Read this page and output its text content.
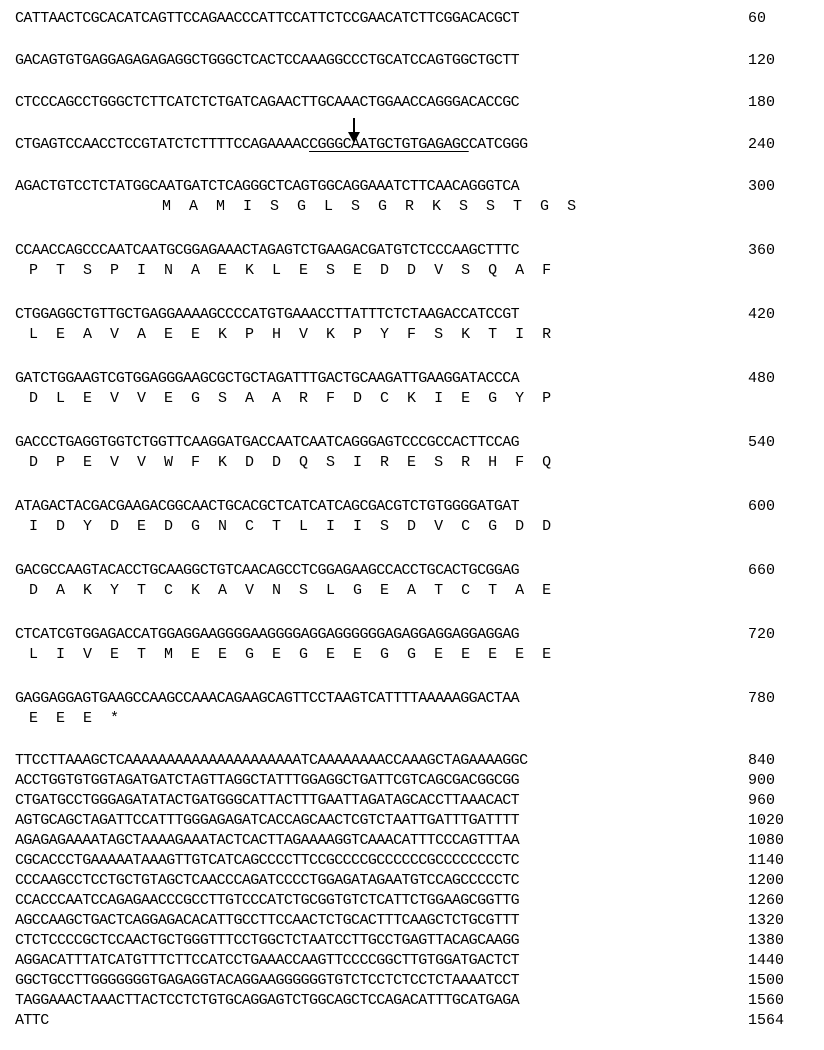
CATTAACTCGCACATCAGTTCCAGAACCCATTCCATTCTCCGAACATCTTCGGACACGCT	60
GACAGTGTGAGGAGAGAGAGGCTGGGCTCACTCCAAAGGCCCTGCATCCAGTGGCTGCTT	120
CTCCCAGCCTGGGCTCTTCATCTCTGATCAGAACTTGCAAACTGGAACCAGGGACACCGC	180
CTGAGTCCAACCTCCGTATCTCTTTTCCAGAAAACCGGGCAATGCTGTGAGAGCCATCGGG	240
AGACTGTCCTCTATGGCAATGATCTCAGGGCTCAGTGGCAGGAAATCTTCAACAGGGTCA	300
M  A  M  I  S  G  L  S  G  R  K  S  S  T  G  S
CCAACCAGCCCAATCAATGCGGAGAAACTAGAGTCTGAAGACGATGTCTCCCAAGCTTTC	360
P  T  S  P  I  N  A  E  K  L  E  S  E  D  D  V  S  Q  A  F
CTGGAGGCTGTTGCTGAGGAAAAGCCCCATGTGAAACCTTATTTCTCTAAGACCATCCGT	420
L  E  A  V  A  E  E  K  P  H  V  K  P  Y  F  S  K  T  I  R
GATCTGGAAGTCGTGGAGGGAAGCGCTGCTAGATTTGACTGCAAGATTGAAGGATACCCA	480
D  L  E  V  V  E  G  S  A  A  R  F  D  C  K  I  E  G  Y  P
GACCCTGAGGTGGTCTGGTTCAAGGATGACCAATCAATCAGGGAGTCCCGCCACTTCCAG	540
D  P  E  V  V  W  F  K  D  D  Q  S  I  R  E  S  R  H  F  Q
ATAGACTACGACGAAGACGGCAACTGCACGCTCATCATCAGCGACGTCTGTGGGGATGAT	600
I  D  Y  D  E  D  G  N  C  T  L  I  I  S  D  V  C  G  D  D
GACGCCAAGTACACCTGCAAGGCTGTCAACAGCCTCGGAGAAGCCACCTGCACTGCGGAG	660
D  A  K  Y  T  C  K  A  V  N  S  L  G  E  A  T  C  T  A  E
CTCATCGTGGAGACCATGGAGGAAGGGGAAGGGGAGGAGGGGGGAGAGGAGGAGGAGGAG	720
L  I  V  E  T  M  E  E  G  E  G  E  E  G  G  E  E  E  E  E
GAGGAGGAGTGAAGCCAAGCCAAACAGAAGCAGTTCCTAAGTCATTTTAAAAAGGACTAA	780
E  E  E  *
TTCCTTAAAGCTCAAAAAAAAAAAAAAAAAAAAATCAAAAAAAACCAAAGCTAGAAAAGGC	840
ACCTGGTGTGGTAGATGATCTAGTTAGGCTATTTGGAGGCTGATTCGTCAGCGACGGCGG	900
CTGATGCCTGGGAGATATACTGATGGGCATTACTTTGAATTAGATAGCACCTTAAACACT	960
AGTGCAGCTAGATTCCATTTGGGAGAGATCACCAGCAACTCGTCTAATTGATTTGATTTT	1020
AGAGAGAAAATAGCTAAAAGAAATACTCACTTAGAAAAGGTCAAACATTTCCCAGTTTAA	1080
CGCACCCTGAAAAATAAAGTTGTCATCAGCCCCTTCCGCCCCGCCCCCCGCCCCCCCCTC	1140
CCCAAGCCTCCTGCTGTAGCTCAACCCAGATCCCCTGGAGATAGAATGTCCAGCCCCCTC	1200
CCACCCAATCCAGAGAACCCGCCTTGTCCCATCTGCGGTGTCTCATTCTGGAAGCGGTTG	1260
AGCCAAGCTGACTCAGGAGACACATTGCCTTCCAACTCTGCACTTTCAAGCTCTGCGTTT	1320
CTCTCCCCGCTCCAACTGCTGGGTTTCCTGGCTCTAATCCTTGCCTGAGTTACAGCAAGG	1380
AGGACATTTATCATGTTTCTTCCATCCTGAAACCAAGTTCCCCGGCTTGTGGATGACTCT	1440
GGCTGCCTTGGGGGGGTGAGAGGTACAGGAAGGGGGGTGTCTCCTCTCCTCTAAAATCCT	1500
TAGGAAACTAAACTTACTCCTCTGTGCAGGAGTCTGGCAGCTCCAGACATTTGCATGAGA	1560
ATTC	1564
